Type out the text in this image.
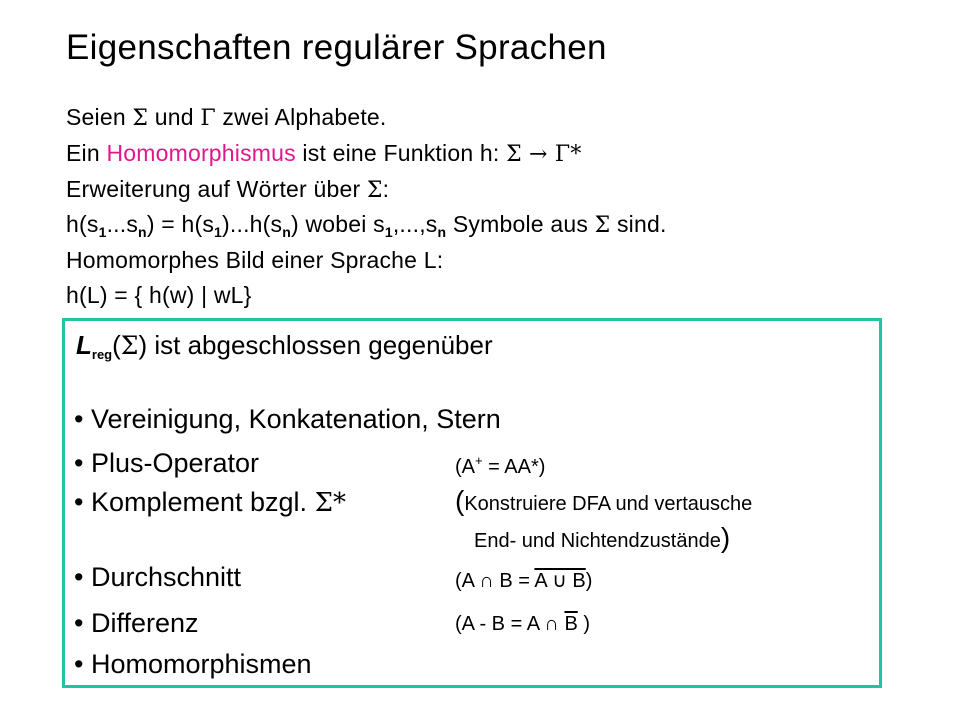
Eigenschaften regulärer Sprachen
Seien Σ und Γ zwei Alphabete.
Ein Homomorphismus ist eine Funktion h: Σ → Γ*
Erweiterung auf Wörter über Σ:
$h(s_1...s_n) = h(s_1)...h(s_n)$ wobei $s_1,...,s_n$ Symbole aus Σ sind.
Homomorphes Bild einer Sprache L:
h(L) = { h(w) | wL}
$L_{reg}(\Sigma)$ ist abgeschlossen gegenüber
• Vereinigung, Konkatenation, Stern
• Plus-Operator	(A+ = AA*)
• Komplement bzgl. Σ*	(Konstruiere DFA und vertausche
End- und Nichtendzustände)
• Durchschnitt	(A ∩ B = A ∪ B)
• Differenz	(A - B = A ∩ $\overline{B}$ )
• Homomorphismen
